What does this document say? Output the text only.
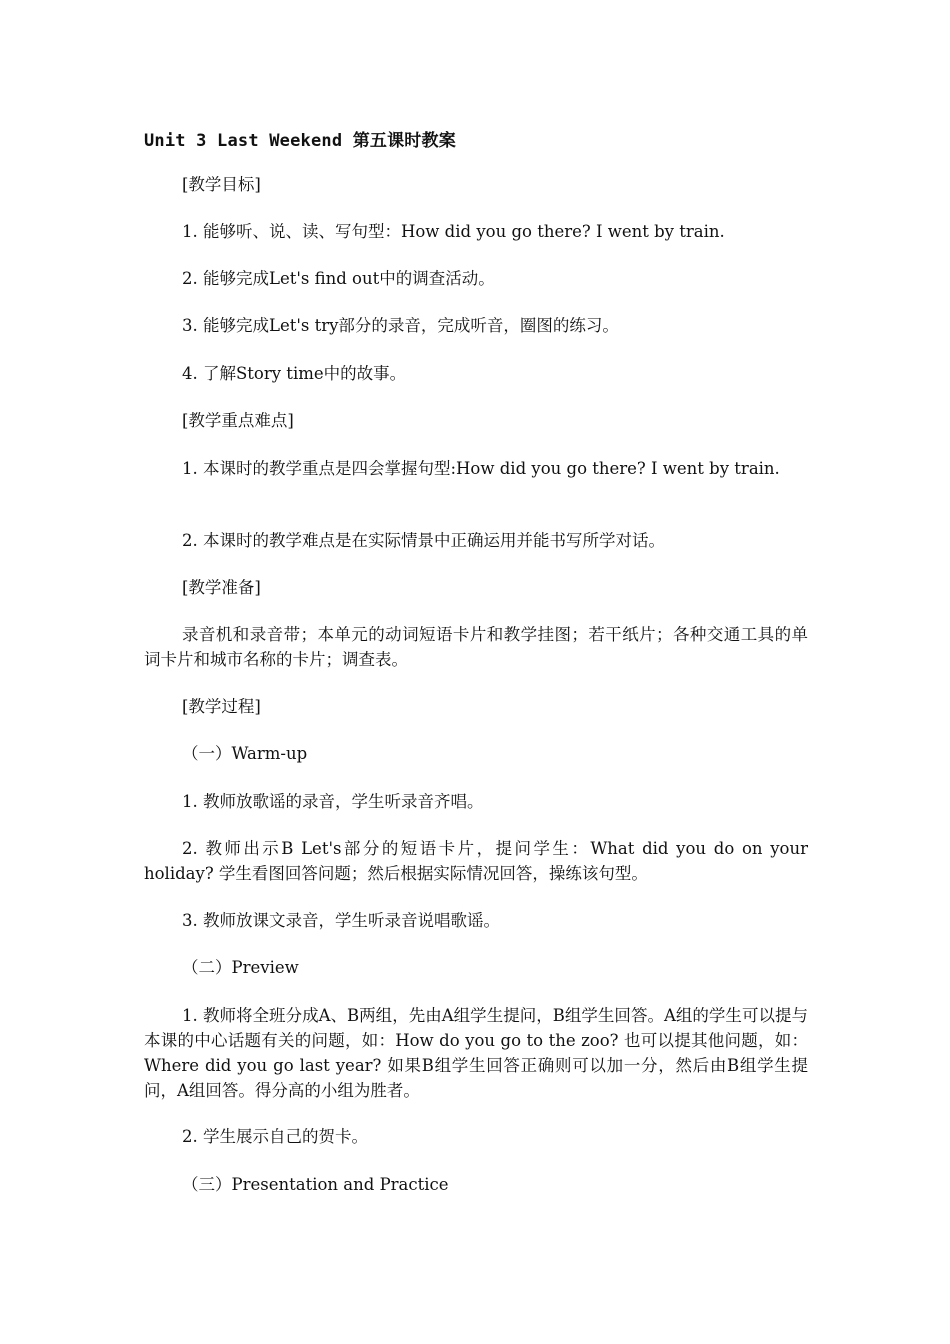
Unit 3 Last Weekend 第五课时教案
[教学目标]
1. 能够听、说、读、写句型：How did you go there? I went by train.
2. 能够完成Let's find out中的调查活动。
3. 能够完成Let's try部分的录音，完成听音，圈图的练习。
4. 了解Story time中的故事。
[教学重点难点]
1. 本课时的教学重点是四会掌握句型:How did you go there? I went by train.
2. 本课时的教学难点是在实际情景中正确运用并能书写所学对话。
[教学准备]
录音机和录音带；本单元的动词短语卡片和教学挂图；若干纸片；各种交通工具的单词卡片和城市名称的卡片；调查表。
[教学过程]
（一）Warm-up
1. 教师放歌谣的录音，学生听录音齐唱。
2. 教师出示B Let's部分的短语卡片，提问学生：What did you do on your holiday? 学生看图回答问题；然后根据实际情况回答，操练该句型。
3. 教师放课文录音，学生听录音说唱歌谣。
（二）Preview
1. 教师将全班分成A、B两组，先由A组学生提问，B组学生回答。A组的学生可以提与本课的中心话题有关的问题，如：How do you go to the zoo? 也可以提其他问题，如：Where did you go last year? 如果B组学生回答正确则可以加一分，然后由B组学生提问，A组回答。得分高的小组为胜者。
2. 学生展示自己的贺卡。
（三）Presentation and Practice
